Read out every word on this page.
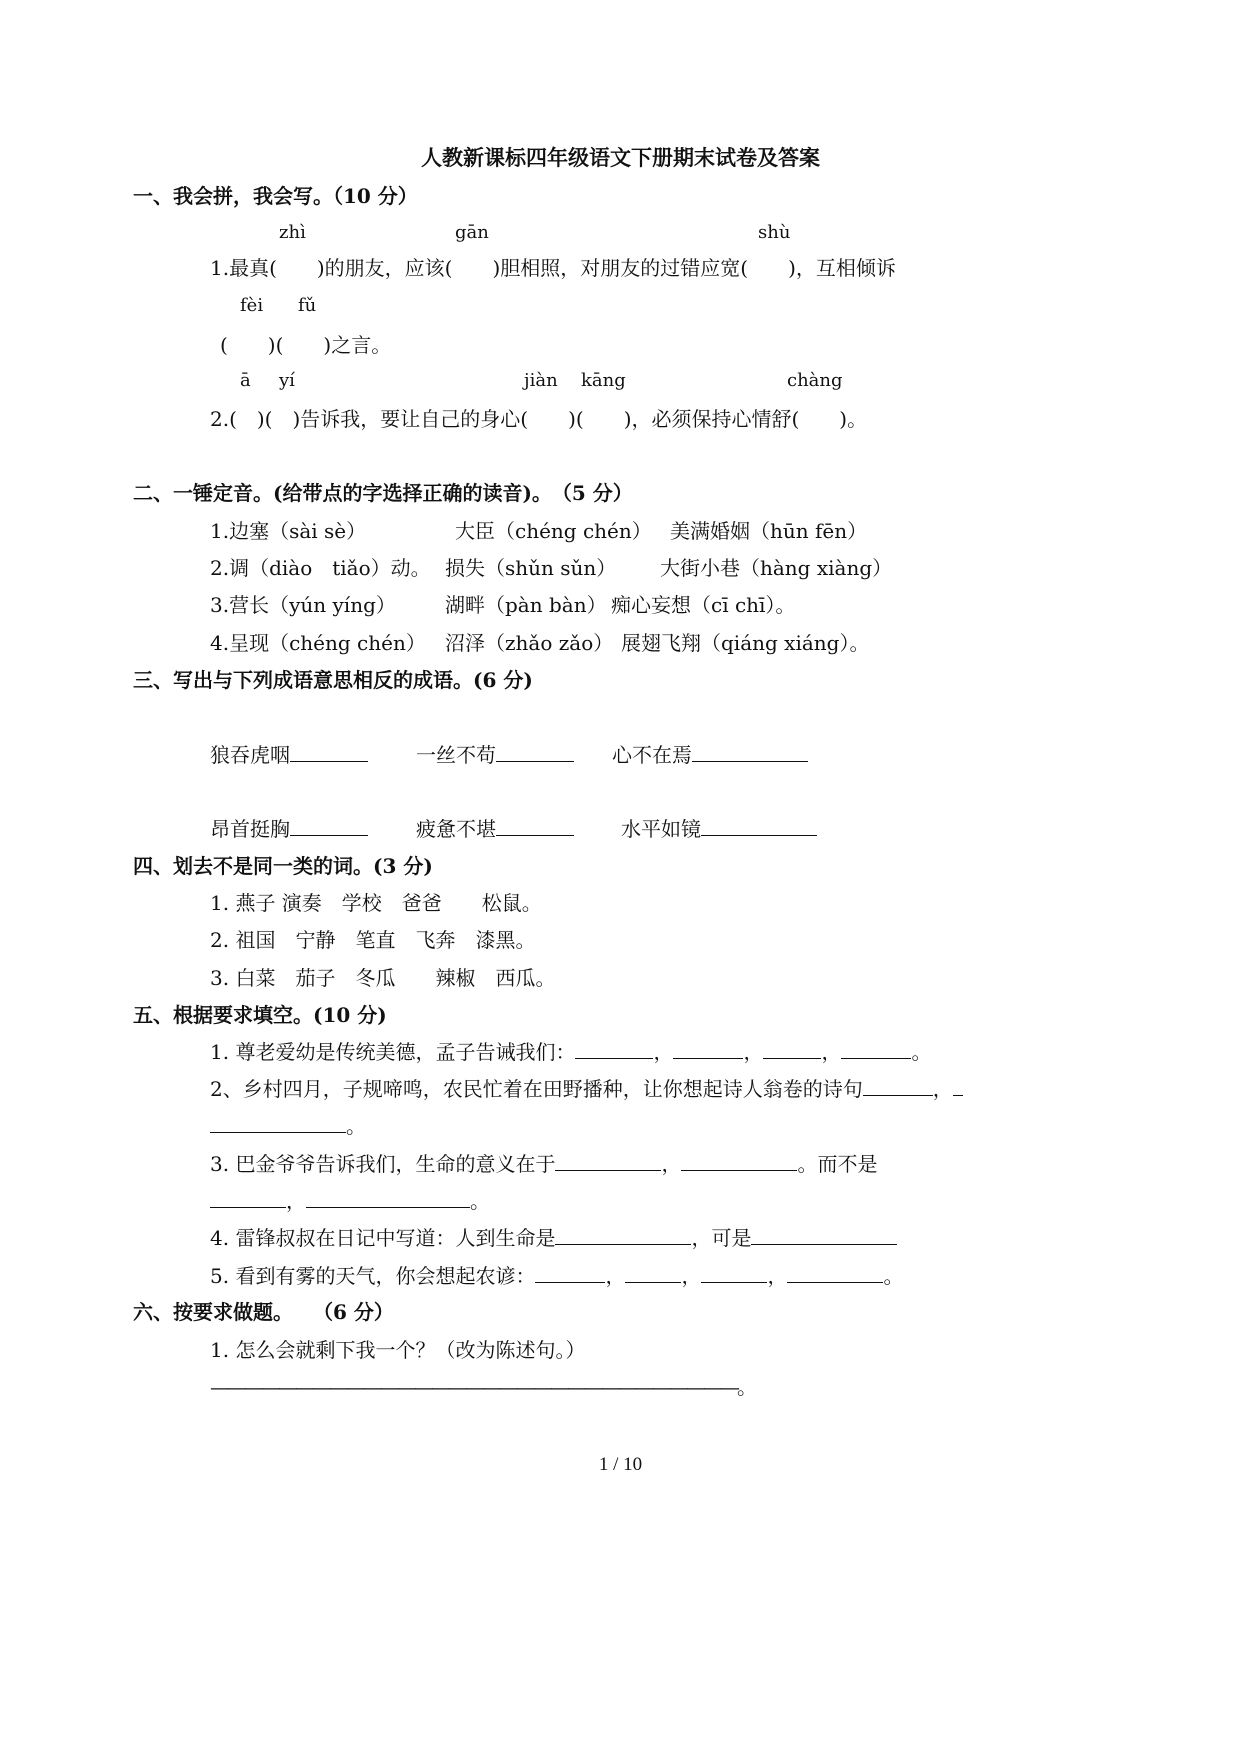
人教新课标四年级语文下册期末试卷及答案
一、我会拼，我会写。（10 分）
zhì	gān	shù
1.最真(　　)的朋友，应该(　　)胆相照，对朋友的过错应宽(　　)，互相倾诉
fèi fǔ
(　　)(　　)之言。
ā yí	jiàn kāng	chàng
2.(　)(　)告诉我，要让自己的身心(　　)(　　)，必须保持心情舒(　　)。
二、一锤定音。(给带点的字选择正确的读音)。　（5 分）
1.边塞（sài sè）	大臣（chéng chén） 美满婚姻（hūn fēn）
2.调（diào　tiǎo）动。 损失（shǔn sǔn） 大街小巷（hàng xiàng）
3.营长（yún yíng） 湖畔（pàn bàn） 痴心妄想（cī chī）。
4.呈现（chéng chén） 沼泽（zhǎo zǎo） 展翅飞翔（qiáng xiáng）。
三、写出与下列成语意思相反的成语。(6 分)
狼吞虎咽	一丝不苟	心不在焉
昂首挺胸	疲惫不堪	水平如镜
四、划去不是同一类的词。(3 分)
1. 燕子 演奏　学校　爸爸　　松鼠。
2. 祖国　宁静　笔直　飞奔　漆黑。
3. 白菜　茄子　冬瓜　　辣椒　西瓜。
五、根据要求填空。(10 分)
1. 尊老爱幼是传统美德，孟子告诫我们：	，	，	，	。
2、乡村四月，子规啼鸣，农民忙着在田野播种，让你想起诗人翁卷的诗句	，
。
3. 巴金爷爷告诉我们，生命的意义在于	，	。而不是
，	。
4. 雷锋叔叔在日记中写道：人到生命是	，可是
5. 看到有雾的天气，你会想起农谚：	，	，	，	。
六、按要求做题。　　（6 分）
1. 怎么会就剩下我一个？（改为陈述句。）
———————————————————————————————。
1 / 10
